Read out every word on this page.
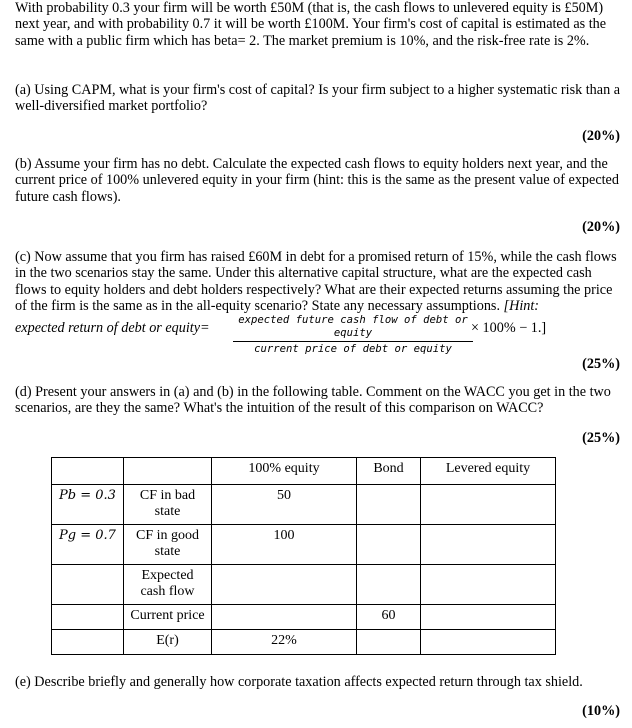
With probability 0.3 your firm will be worth £50M (that is, the cash flows to unlevered equity is £50M) next year, and with probability 0.7 it will be worth £100M. Your firm's cost of capital is estimated as the same with a public firm which has beta= 2. The market premium is 10%, and the risk-free rate is 2%.

(a) Using CAPM, what is your firm's cost of capital? Is your firm subject to a higher systematic risk than a well-diversified market portfolio?

(20%)

(b) Assume your firm has no debt. Calculate the expected cash flows to equity holders next year, and the current price of 100% unlevered equity in your firm (hint: this is the same as the present value of expected future cash flows).

(20%)

(c) Now assume that you firm has raised £60M in debt for a promised return of 15%, while the cash flows in the two scenarios stay the same. Under this alternative capital structure, what are the expected cash flows to equity holders and debt holders respectively? What are their expected returns assuming the price of the firm is the same as in the all-equity scenario? State any necessary assumptions. [Hint:

expected return of debt or equity=	expected future cash flow of debt or equity
current price of debt or equity
× 100% − 1.]

(25%)

(d) Present your answers in (a) and (b) in the following table. Comment on the WACC you get in the two scenarios, are they the same? What's the intuition of the result of this comparison on WACC?

(25%)

		100% equity	Bond	Levered equity
Pb = 0.3	CF in bad state	50		
Pg = 0.7	CF in good state	100		
	Expected cash flow			
	Current price		60	
	E(r)	22%		

(e) Describe briefly and generally how corporate taxation affects expected return through tax shield.

(10%)
